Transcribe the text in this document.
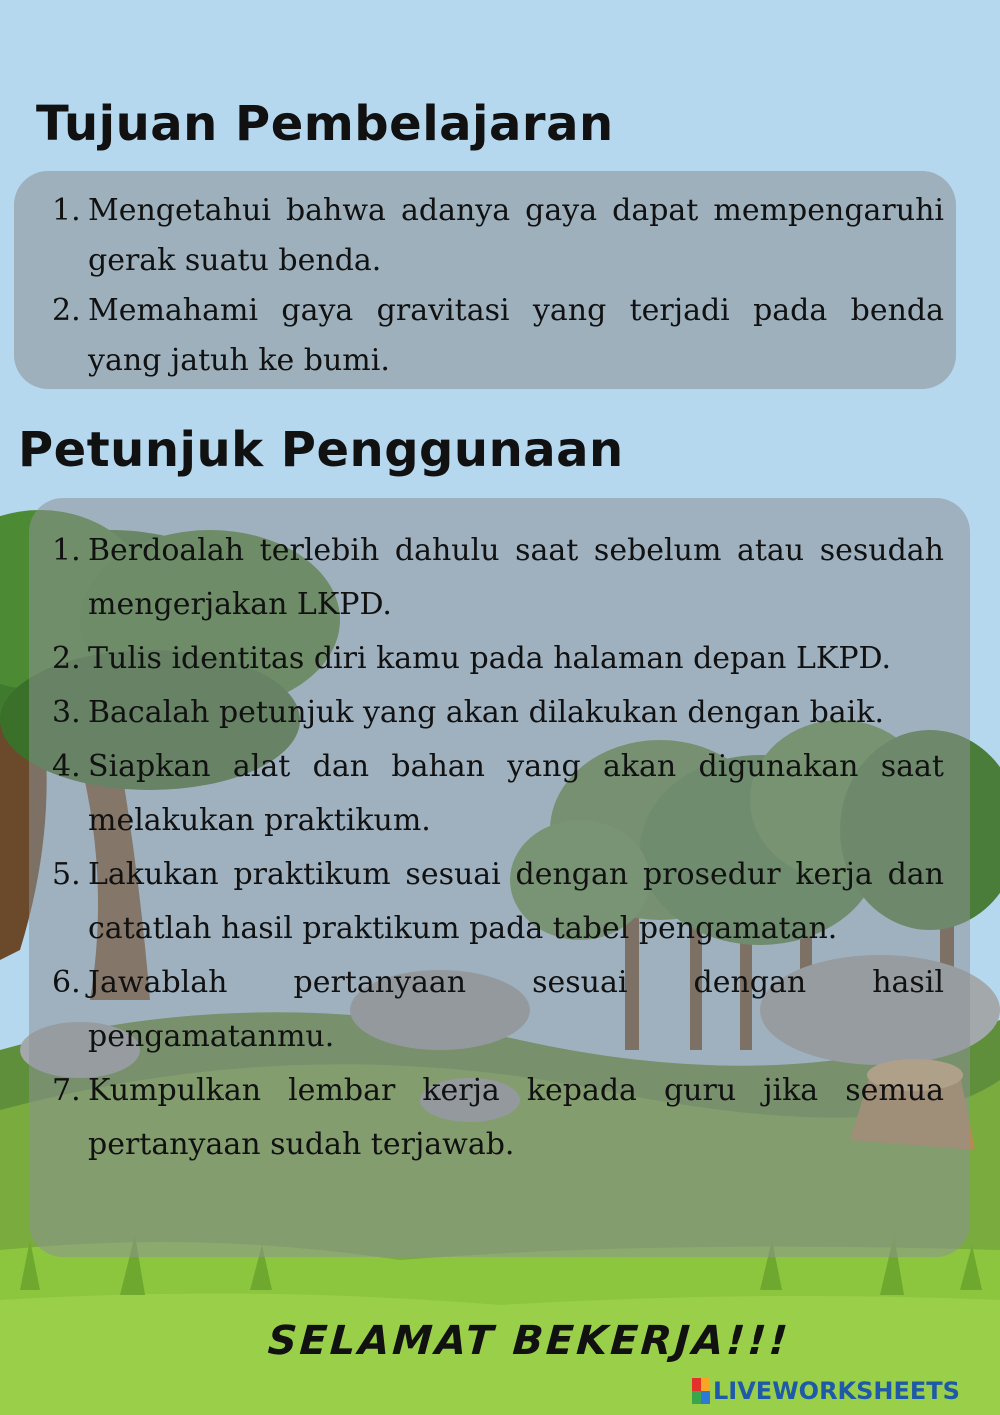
Tujuan Pembelajaran
1. Mengetahui bahwa adanya gaya dapat mempengaruhi gerak suatu benda.
2. Memahami gaya gravitasi yang terjadi pada benda yang jatuh ke bumi.
Petunjuk Penggunaan
1. Berdoalah terlebih dahulu saat sebelum atau sesudah mengerjakan LKPD.
2. Tulis identitas diri kamu pada halaman depan LKPD.
3. Bacalah petunjuk yang akan dilakukan dengan baik.
4. Siapkan alat dan bahan yang akan digunakan saat melakukan praktikum.
5. Lakukan praktikum sesuai dengan prosedur kerja dan catatlah hasil praktikum pada tabel pengamatan.
6. Jawablah pertanyaan sesuai dengan hasil pengamatanmu.
7. Kumpulkan lembar kerja kepada guru jika semua pertanyaan sudah terjawab.
SELAMAT BEKERJA!!!
LIVEWORKSHEETS
